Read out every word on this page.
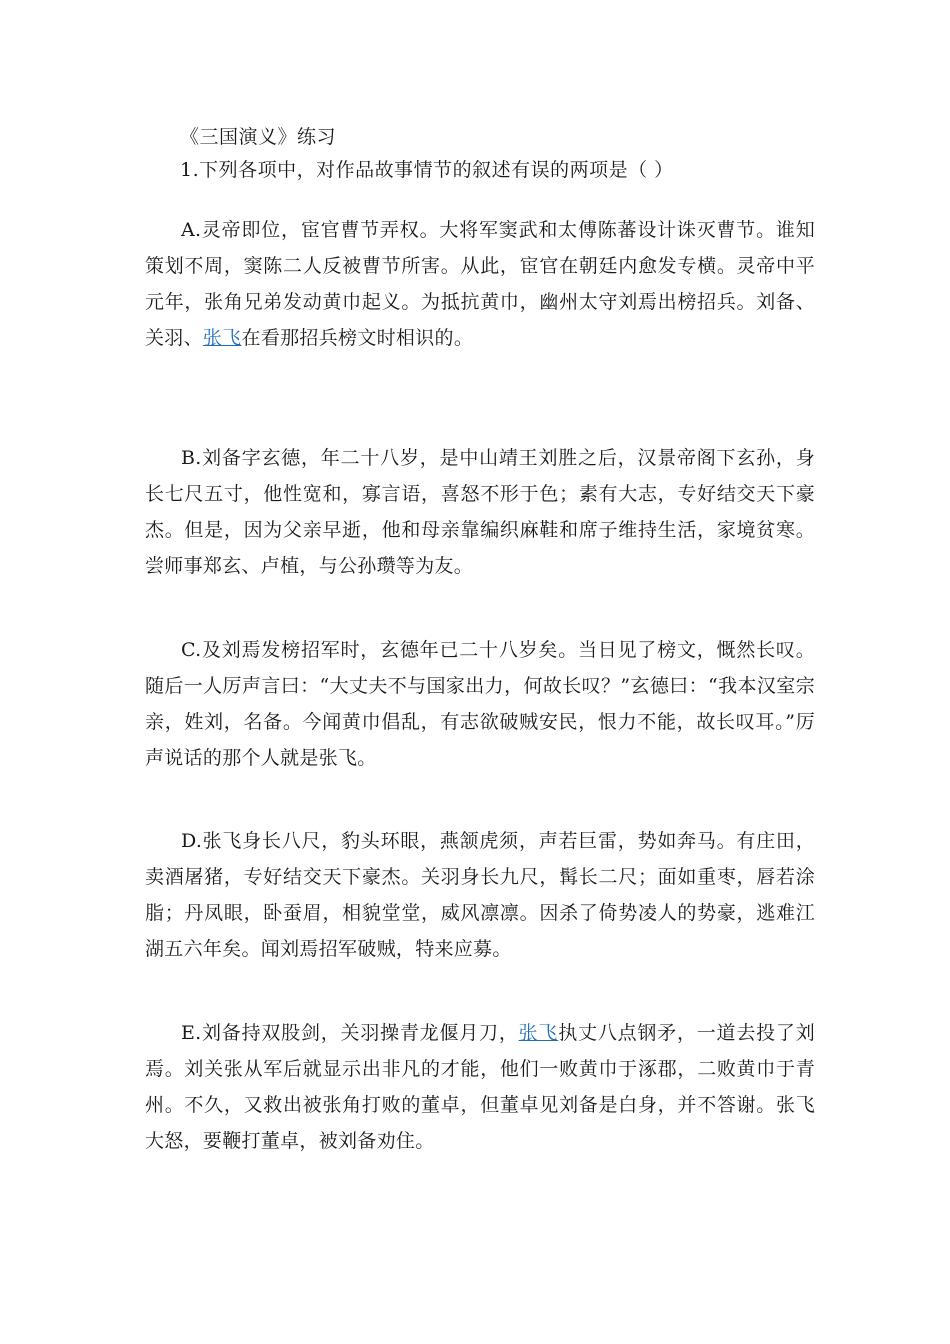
《三国演义》练习
1.下列各项中，对作品故事情节的叙述有误的两项是（ ）
A.灵帝即位，宦官曹节弄权。大将军窦武和太傅陈蕃设计诛灭曹节。谁知策划不周，窦陈二人反被曹节所害。从此，宦官在朝廷内愈发专横。灵帝中平元年，张角兄弟发动黄巾起义。为抵抗黄巾，幽州太守刘焉出榜招兵。刘备、关羽、张飞在看那招兵榜文时相识的。
B.刘备字玄德，年二十八岁，是中山靖王刘胜之后，汉景帝阁下玄孙，身长七尺五寸，他性宽和，寡言语，喜怒不形于色；素有大志，专好结交天下豪杰。但是，因为父亲早逝，他和母亲靠编织麻鞋和席子维持生活，家境贫寒。尝师事郑玄、卢植，与公孙瓒等为友。
C.及刘焉发榜招军时，玄德年已二十八岁矣。当日见了榜文，慨然长叹。随后一人厉声言曰：“大丈夫不与国家出力，何故长叹？”玄德曰：“我本汉室宗亲，姓刘，名备。今闻黄巾倡乱，有志欲破贼安民，恨力不能，故长叹耳。”厉声说话的那个人就是张飞。
D.张飞身长八尺，豹头环眼，燕颔虎须，声若巨雷，势如奔马。有庄田，卖酒屠猪，专好结交天下豪杰。关羽身长九尺，髯长二尺；面如重枣，唇若涂脂；丹凤眼，卧蚕眉，相貌堂堂，威风凛凛。因杀了倚势凌人的势豪，逃难江 湖五六年矣。闻刘焉招军破贼，特来应募。
E.刘备持双股剑，关羽操青龙偃月刀，张飞执丈八点钢矛，一道去投了刘焉。刘关张从军后就显示出非凡的才能，他们一败黄巾于涿郡，二败黄巾于青州。不久，又救出被张角打败的董卓，但董卓见刘备是白身，并不答谢。张飞大怒，要鞭打董卓，被刘备劝住。
